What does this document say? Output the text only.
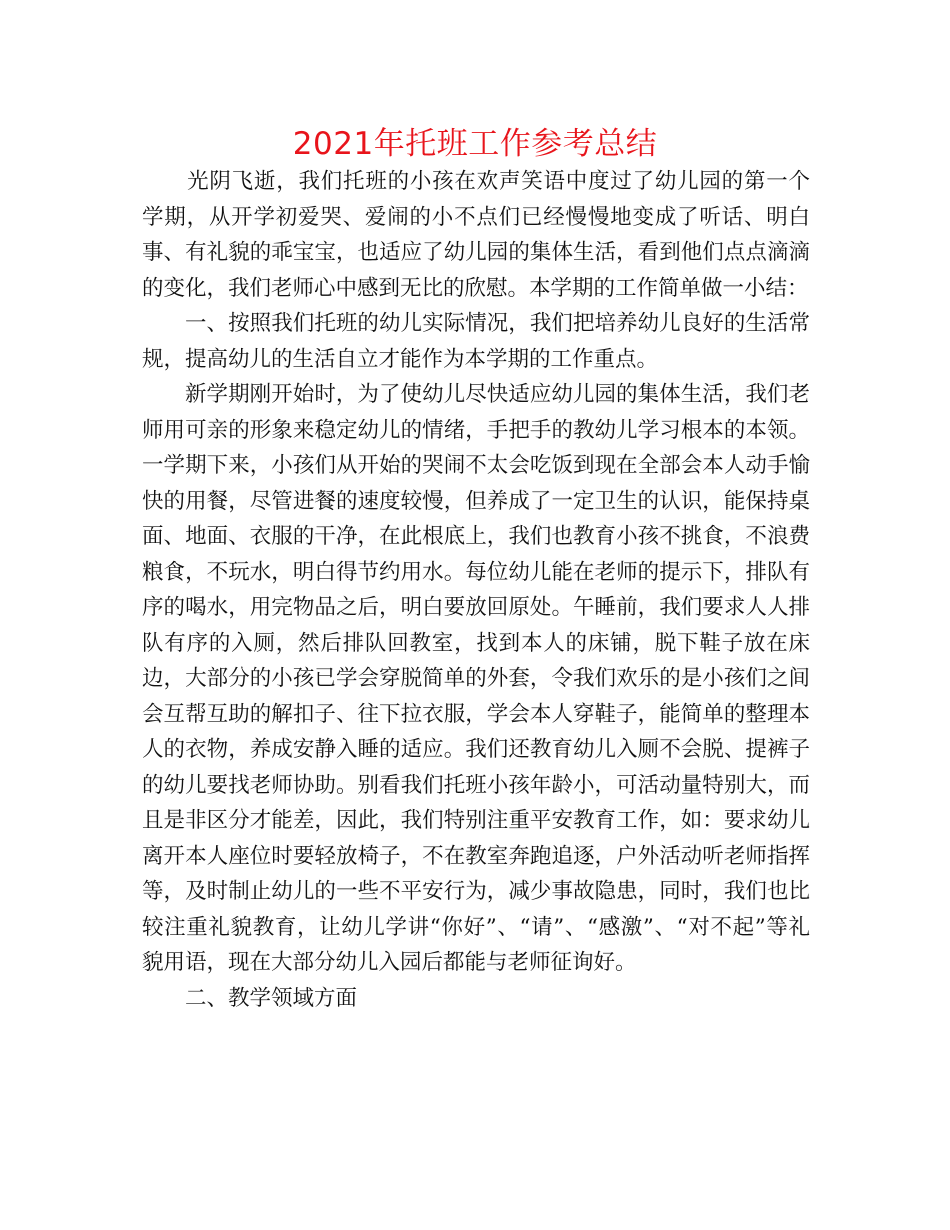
2021年托班工作参考总结

光阴飞逝，我们托班的小孩在欢声笑语中度过了幼儿园的第一个学期，从开学初爱哭、爱闹的小不点们已经慢慢地变成了听话、明白事、有礼貌的乖宝宝，也适应了幼儿园的集体生活，看到他们点点滴滴的变化，我们老师心中感到无比的欣慰。本学期的工作简单做一小结：

一、按照我们托班的幼儿实际情况，我们把培养幼儿良好的生活常规，提高幼儿的生活自立才能作为本学期的工作重点。

新学期刚开始时，为了使幼儿尽快适应幼儿园的集体生活，我们老师用可亲的形象来稳定幼儿的情绪，手把手的教幼儿学习根本的本领。一学期下来，小孩们从开始的哭闹不太会吃饭到现在全部会本人动手愉快的用餐，尽管进餐的速度较慢，但养成了一定卫生的认识，能保持桌面、地面、衣服的干净，在此根底上，我们也教育小孩不挑食，不浪费粮食，不玩水，明白得节约用水。每位幼儿能在老师的提示下，排队有序的喝水，用完物品之后，明白要放回原处。午睡前，我们要求人人排队有序的入厕，然后排队回教室，找到本人的床铺，脱下鞋子放在床边，大部分的小孩已学会穿脱简单的外套，令我们欢乐的是小孩们之间会互帮互助的解扣子、往下拉衣服，学会本人穿鞋子，能简单的整理本人的衣物，养成安静入睡的适应。我们还教育幼儿入厕不会脱、提裤子的幼儿要找老师协助。别看我们托班小孩年龄小，可活动量特别大，而且是非区分才能差，因此，我们特别注重平安教育工作，如：要求幼儿离开本人座位时要轻放椅子，不在教室奔跑追逐，户外活动听老师指挥等，及时制止幼儿的一些不平安行为，减少事故隐患，同时，我们也比较注重礼貌教育，让幼儿学讲“你好”、“请”、“感激”、“对不起”等礼貌用语，现在大部分幼儿入园后都能与老师征询好。

二、教学领域方面
